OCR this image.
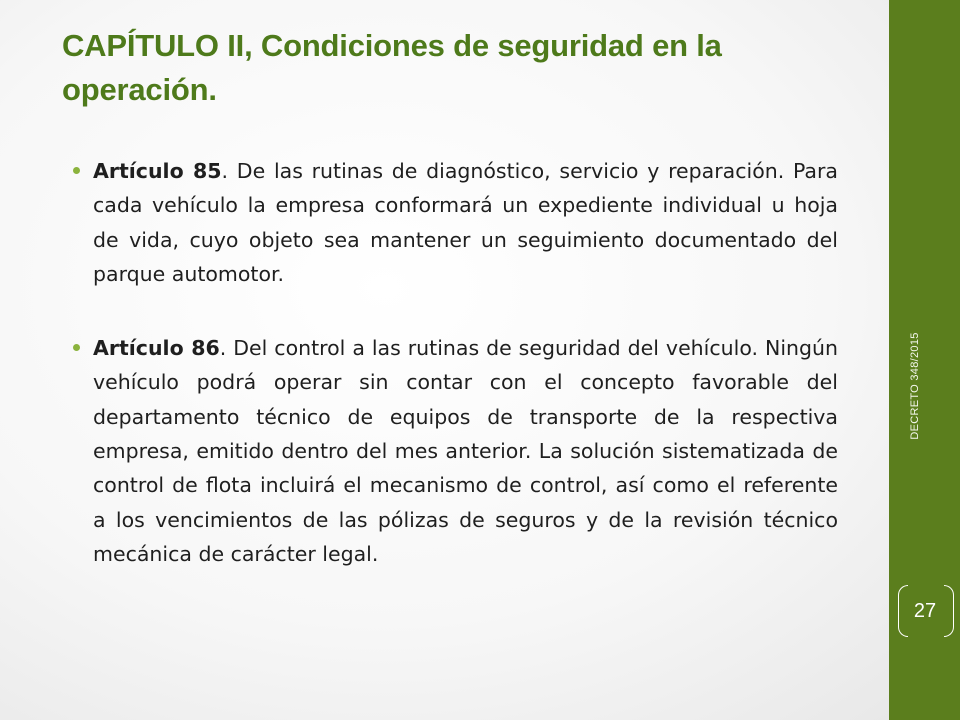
CAPÍTULO II, Condiciones de seguridad en la operación.

Artículo 85. De las rutinas de diagnóstico, servicio y reparación. Para cada vehículo la empresa conformará un expediente individual u hoja de vida, cuyo objeto sea mantener un seguimiento documentado del parque automotor.

Artículo 86. Del control a las rutinas de seguridad del vehículo. Ningún vehículo podrá operar sin contar con el concepto favorable del departamento técnico de equipos de transporte de la respectiva empresa, emitido dentro del mes anterior. La solución sistematizada de control de flota incluirá el mecanismo de control, así como el referente a los vencimientos de las pólizas de seguros y de la revisión técnico mecánica de carácter legal.

DECRETO 348/2015
27
